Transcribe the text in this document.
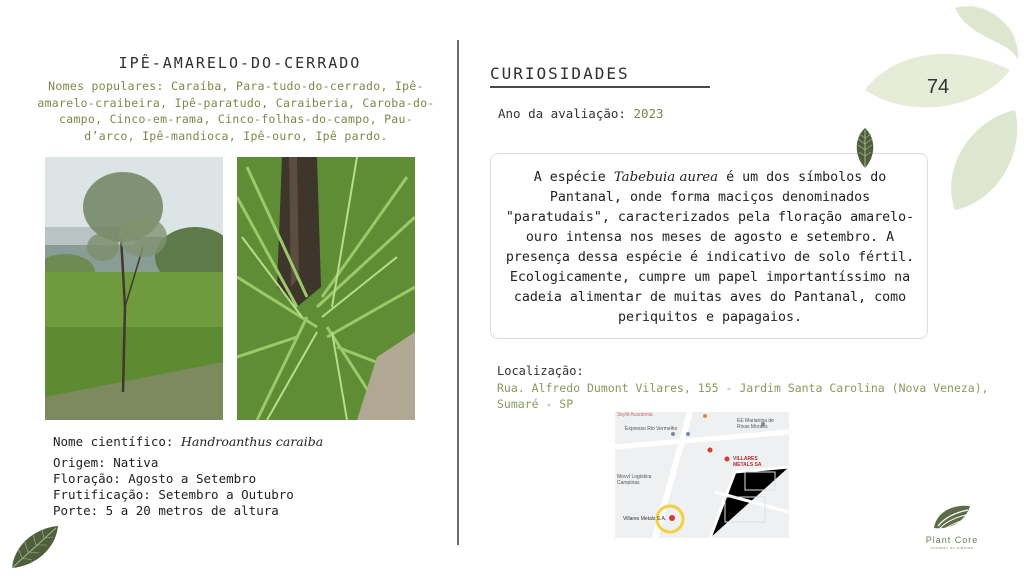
IPÊ-AMARELO-DO-CERRADO
Nomes populares: Caraíba, Para-tudo-do-cerrado, Ipê-amarelo-craibeira, Ipê-paratudo, Caraiberia, Caroba-do-campo, Cinco-em-rama, Cinco-folhas-do-campo, Pau-d’arco, Ipê-mandioca, Ipê-ouro, Ipê pardo.
Nome científico: Handroanthus caraiba
Origem: Nativa
Floração: Agosto a Setembro
Frutificação: Setembro a Outubro
Porte: 5 a 20 metros de altura
CURIOSIDADES
Ano da avaliação: 2023
A espécie Tabebuia aurea é um dos símbolos do Pantanal, onde forma maciços denominados "paratudais", caracterizados pela floração amarelo-ouro intensa nos meses de agosto e setembro. A presença dessa espécie é indicativo de solo fértil. Ecologicamente, cumpre um papel importantíssimo na cadeia alimentar de muitas aves do Pantanal, como periquitos e papagaios.
Localização:
Rua. Alfredo Dumont Vilares, 155 - Jardim Santa Carolina (Nova Veneza), Sumaré - SP
Skyfit Academia
Expresso Rio Vermelho
EE Marianina de Rivas Moraes
VILLARES METALS SA
Movvi Logística Campinas
Villares Metals S.A.
74
Plant Core
cuidado ao plantas
